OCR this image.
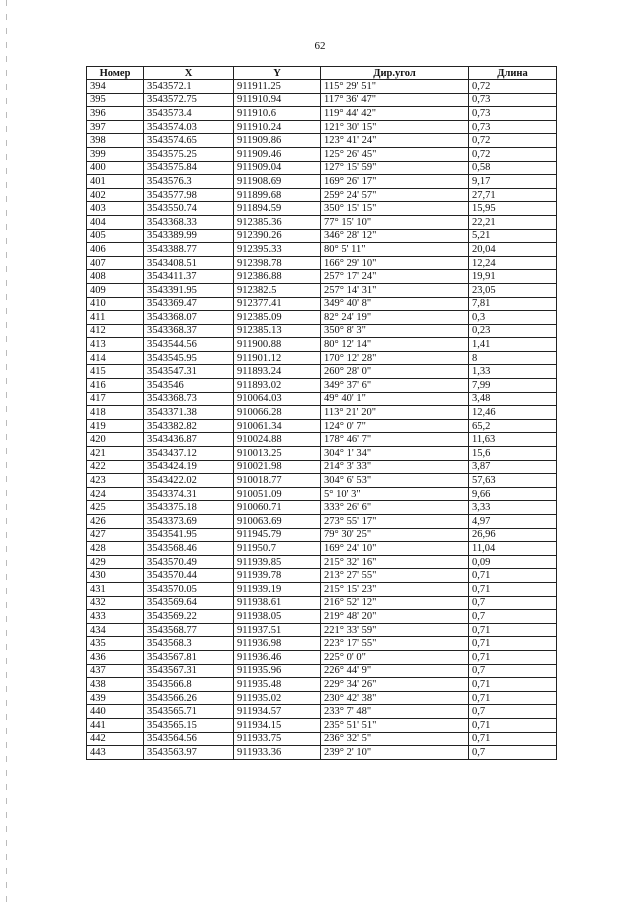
62
Номер	X	Y	Дир.угол	Длина
394	3543572.1	911911.25	115° 29' 51"	0,72
395	3543572.75	911910.94	117° 36' 47"	0,73
396	3543573.4	911910.6	119° 44' 42"	0,73
397	3543574.03	911910.24	121° 30' 15"	0,73
398	3543574.65	911909.86	123° 41' 24"	0,72
399	3543575.25	911909.46	125° 26' 45"	0,72
400	3543575.84	911909.04	127° 15' 59"	0,58
401	3543576.3	911908.69	169° 26' 17"	9,17
402	3543577.98	911899.68	259° 24' 57"	27,71
403	3543550.74	911894.59	350° 15' 15"	15,95
404	3543368.33	912385.36	77° 15' 10"	22,21
405	3543389.99	912390.26	346° 28' 12"	5,21
406	3543388.77	912395.33	80° 5' 11"	20,04
407	3543408.51	912398.78	166° 29' 10"	12,24
408	3543411.37	912386.88	257° 17' 24"	19,91
409	3543391.95	912382.5	257° 14' 31"	23,05
410	3543369.47	912377.41	349° 40' 8"	7,81
411	3543368.07	912385.09	82° 24' 19"	0,3
412	3543368.37	912385.13	350° 8' 3"	0,23
413	3543544.56	911900.88	80° 12' 14"	1,41
414	3543545.95	911901.12	170° 12' 28"	8
415	3543547.31	911893.24	260° 28' 0"	1,33
416	3543546	911893.02	349° 37' 6"	7,99
417	3543368.73	910064.03	49° 40' 1"	3,48
418	3543371.38	910066.28	113° 21' 20"	12,46
419	3543382.82	910061.34	124° 0' 7"	65,2
420	3543436.87	910024.88	178° 46' 7"	11,63
421	3543437.12	910013.25	304° 1' 34"	15,6
422	3543424.19	910021.98	214° 3' 33"	3,87
423	3543422.02	910018.77	304° 6' 53"	57,63
424	3543374.31	910051.09	5° 10' 3"	9,66
425	3543375.18	910060.71	333° 26' 6"	3,33
426	3543373.69	910063.69	273° 55' 17"	4,97
427	3543541.95	911945.79	79° 30' 25"	26,96
428	3543568.46	911950.7	169° 24' 10"	11,04
429	3543570.49	911939.85	215° 32' 16"	0,09
430	3543570.44	911939.78	213° 27' 55"	0,71
431	3543570.05	911939.19	215° 15' 23"	0,71
432	3543569.64	911938.61	216° 52' 12"	0,7
433	3543569.22	911938.05	219° 48' 20"	0,7
434	3543568.77	911937.51	221° 33' 59"	0,71
435	3543568.3	911936.98	223° 17' 55"	0,71
436	3543567.81	911936.46	225° 0' 0"	0,71
437	3543567.31	911935.96	226° 44' 9"	0,7
438	3543566.8	911935.48	229° 34' 26"	0,71
439	3543566.26	911935.02	230° 42' 38"	0,71
440	3543565.71	911934.57	233° 7' 48"	0,7
441	3543565.15	911934.15	235° 51' 51"	0,71
442	3543564.56	911933.75	236° 32' 5"	0,71
443	3543563.97	911933.36	239° 2' 10"	0,7
